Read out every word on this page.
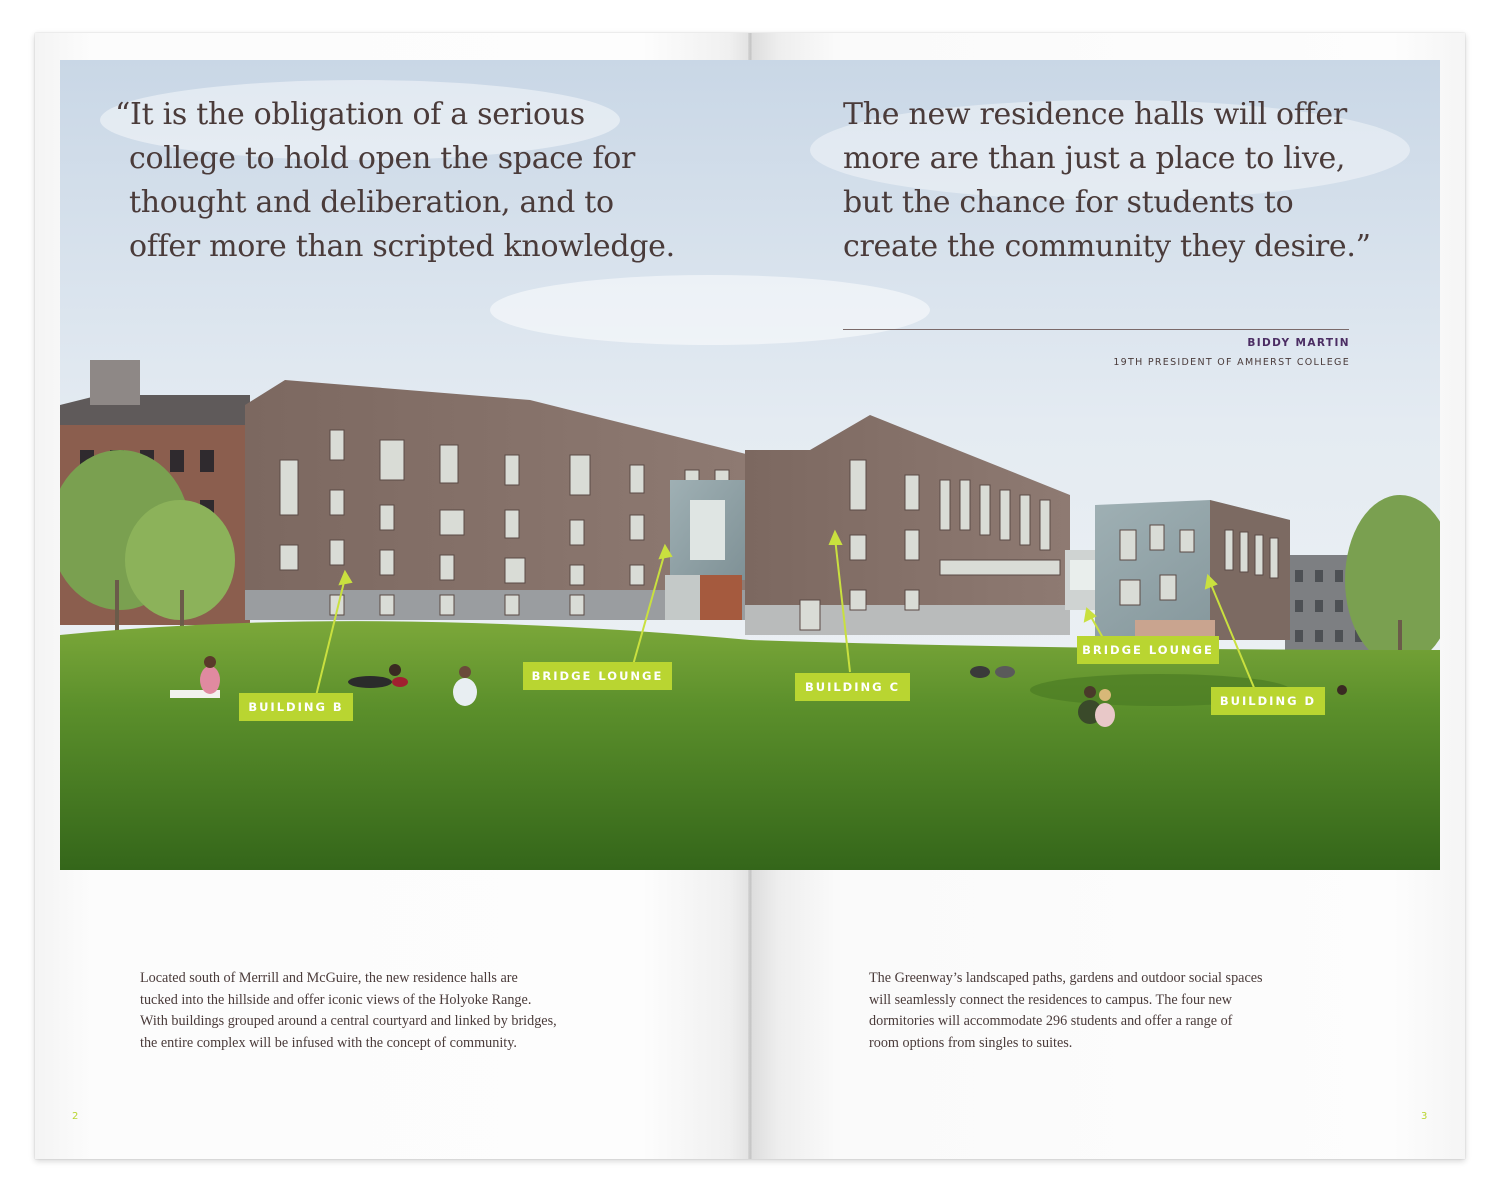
“It is the obligation of a serious
college to hold open the space for
thought and deliberation, and to
offer more than scripted knowledge.
The new residence halls will offer
more are than just a place to live,
but the chance for students to
create the community they desire.”
BIDDY MARTIN
19TH PRESIDENT OF AMHERST COLLEGE
BUILDING B
BRIDGE LOUNGE
BUILDING C
BRIDGE LOUNGE
BUILDING D
Located south of Merrill and McGuire, the new residence halls are
tucked into the hillside and offer iconic views of the Holyoke Range.
With buildings grouped around a central courtyard and linked by bridges,
the entire complex will be infused with the concept of community.
The Greenway’s landscaped paths, gardens and outdoor social spaces
will seamlessly connect the residences to campus. The four new
dormitories will accommodate 296 students and offer a range of
room options from singles to suites.
2	3
